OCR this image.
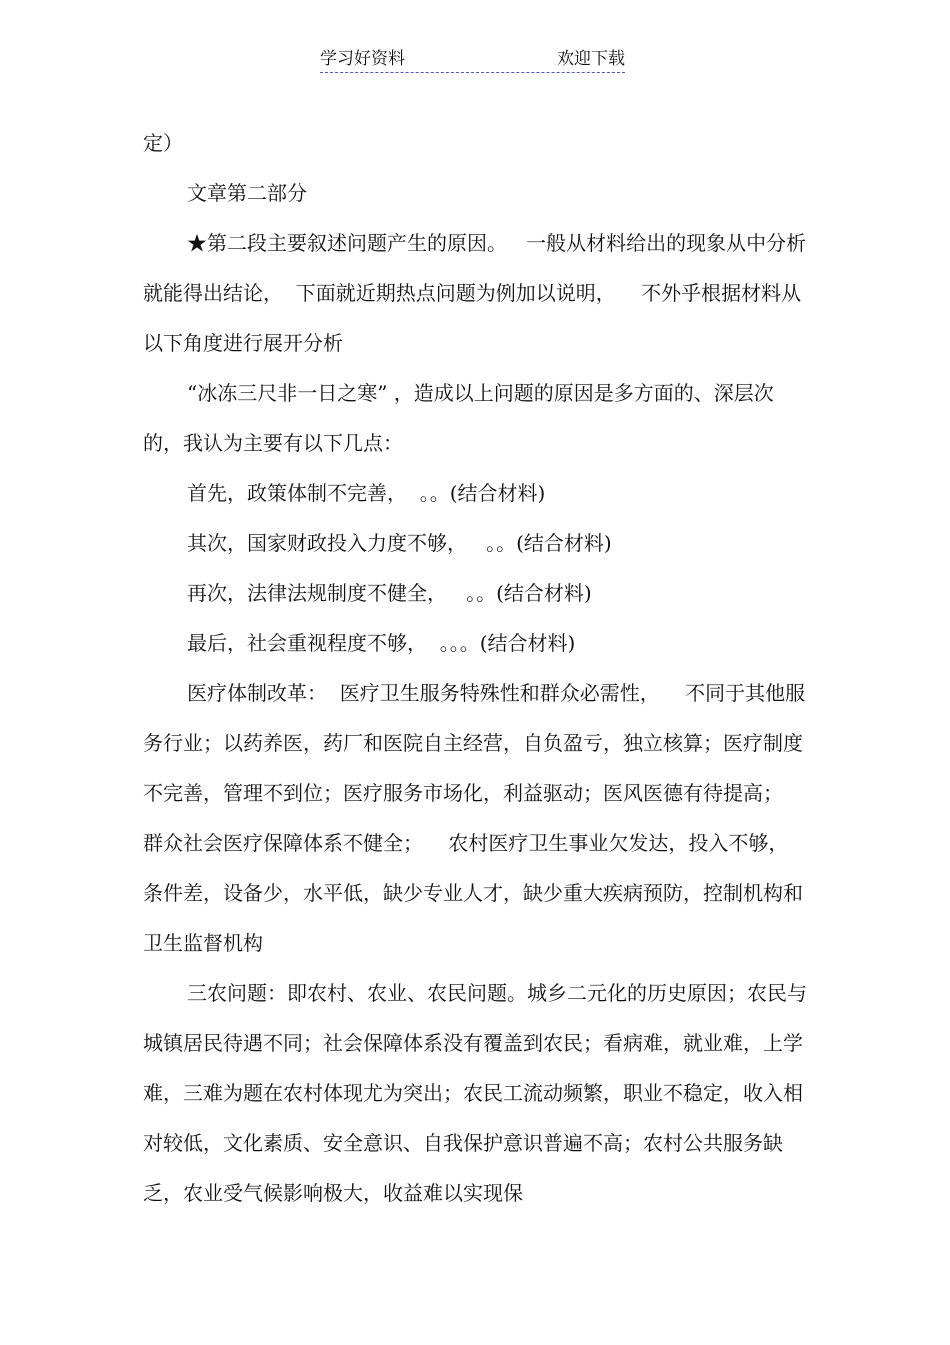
学习好资料	欢迎下载

定）

文章第二部分

★第二段主要叙述问题产生的原因。   一般从材料给出的现象从中分析就能得出结论，  下面就近期热点问题为例加以说明，    不外乎根据材料从以下角度进行展开分析

“冰冻三尺非一日之寒” ，造成以上问题的原因是多方面的、深层次的，我认为主要有以下几点：

首先，政策体制不完善，  。。(结合材料)

其次，国家财政投入力度不够，   。。(结合材料)

再次，法律法规制度不健全，   。。(结合材料)

最后，社会重视程度不够，  。。。(结合材料)

医疗体制改革：  医疗卫生服务特殊性和群众必需性，    不同于其他服务行业；以药养医，药厂和医院自主经营，自负盈亏，独立核算；医疗制度不完善，管理不到位；医疗服务市场化，利益驱动；医风医德有待提高；  群众社会医疗保障体系不健全；    农村医疗卫生事业欠发达，投入不够，条件差，设备少，水平低，缺少专业人才，缺少重大疾病预防，控制机构和卫生监督机构

三农问题：即农村、农业、农民问题。城乡二元化的历史原因；农民与城镇居民待遇不同；社会保障体系没有覆盖到农民；看病难，就业难，上学难，三难为题在农村体现尤为突出；农民工流动频繁，职业不稳定，收入相对较低，文化素质、安全意识、自我保护意识普遍不高；农村公共服务缺乏，农业受气候影响极大，收益难以实现保
